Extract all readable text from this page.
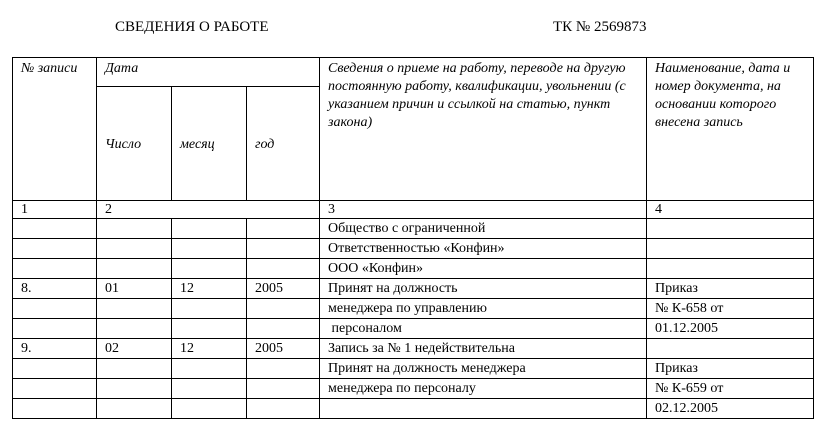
СВЕДЕНИЯ О РАБОТЕ	ТК № 2569873
№ записи	Дата			Сведения о приеме на работу, переводе на другую постоянную работу, квалификации, увольнении (с указанием причин и ссылкой на статью, пункт закона)	Наименование, дата и номер документа, на основании которого внесена запись
	Число	месяц	год		
1	2			3	4
				Общество с ограниченной	
				Ответственностью «Конфин»	
				ООО «Конфин»	
8.	01	12	2005	Принят на должность	Приказ
				менеджера по управлению	№ К-658 от
				персоналом	01.12.2005
9.	02	12	2005	Запись за № 1 недействительна	
				Принят на должность менеджера	Приказ
				менеджера по персоналу	№ К-659 от
					02.12.2005
